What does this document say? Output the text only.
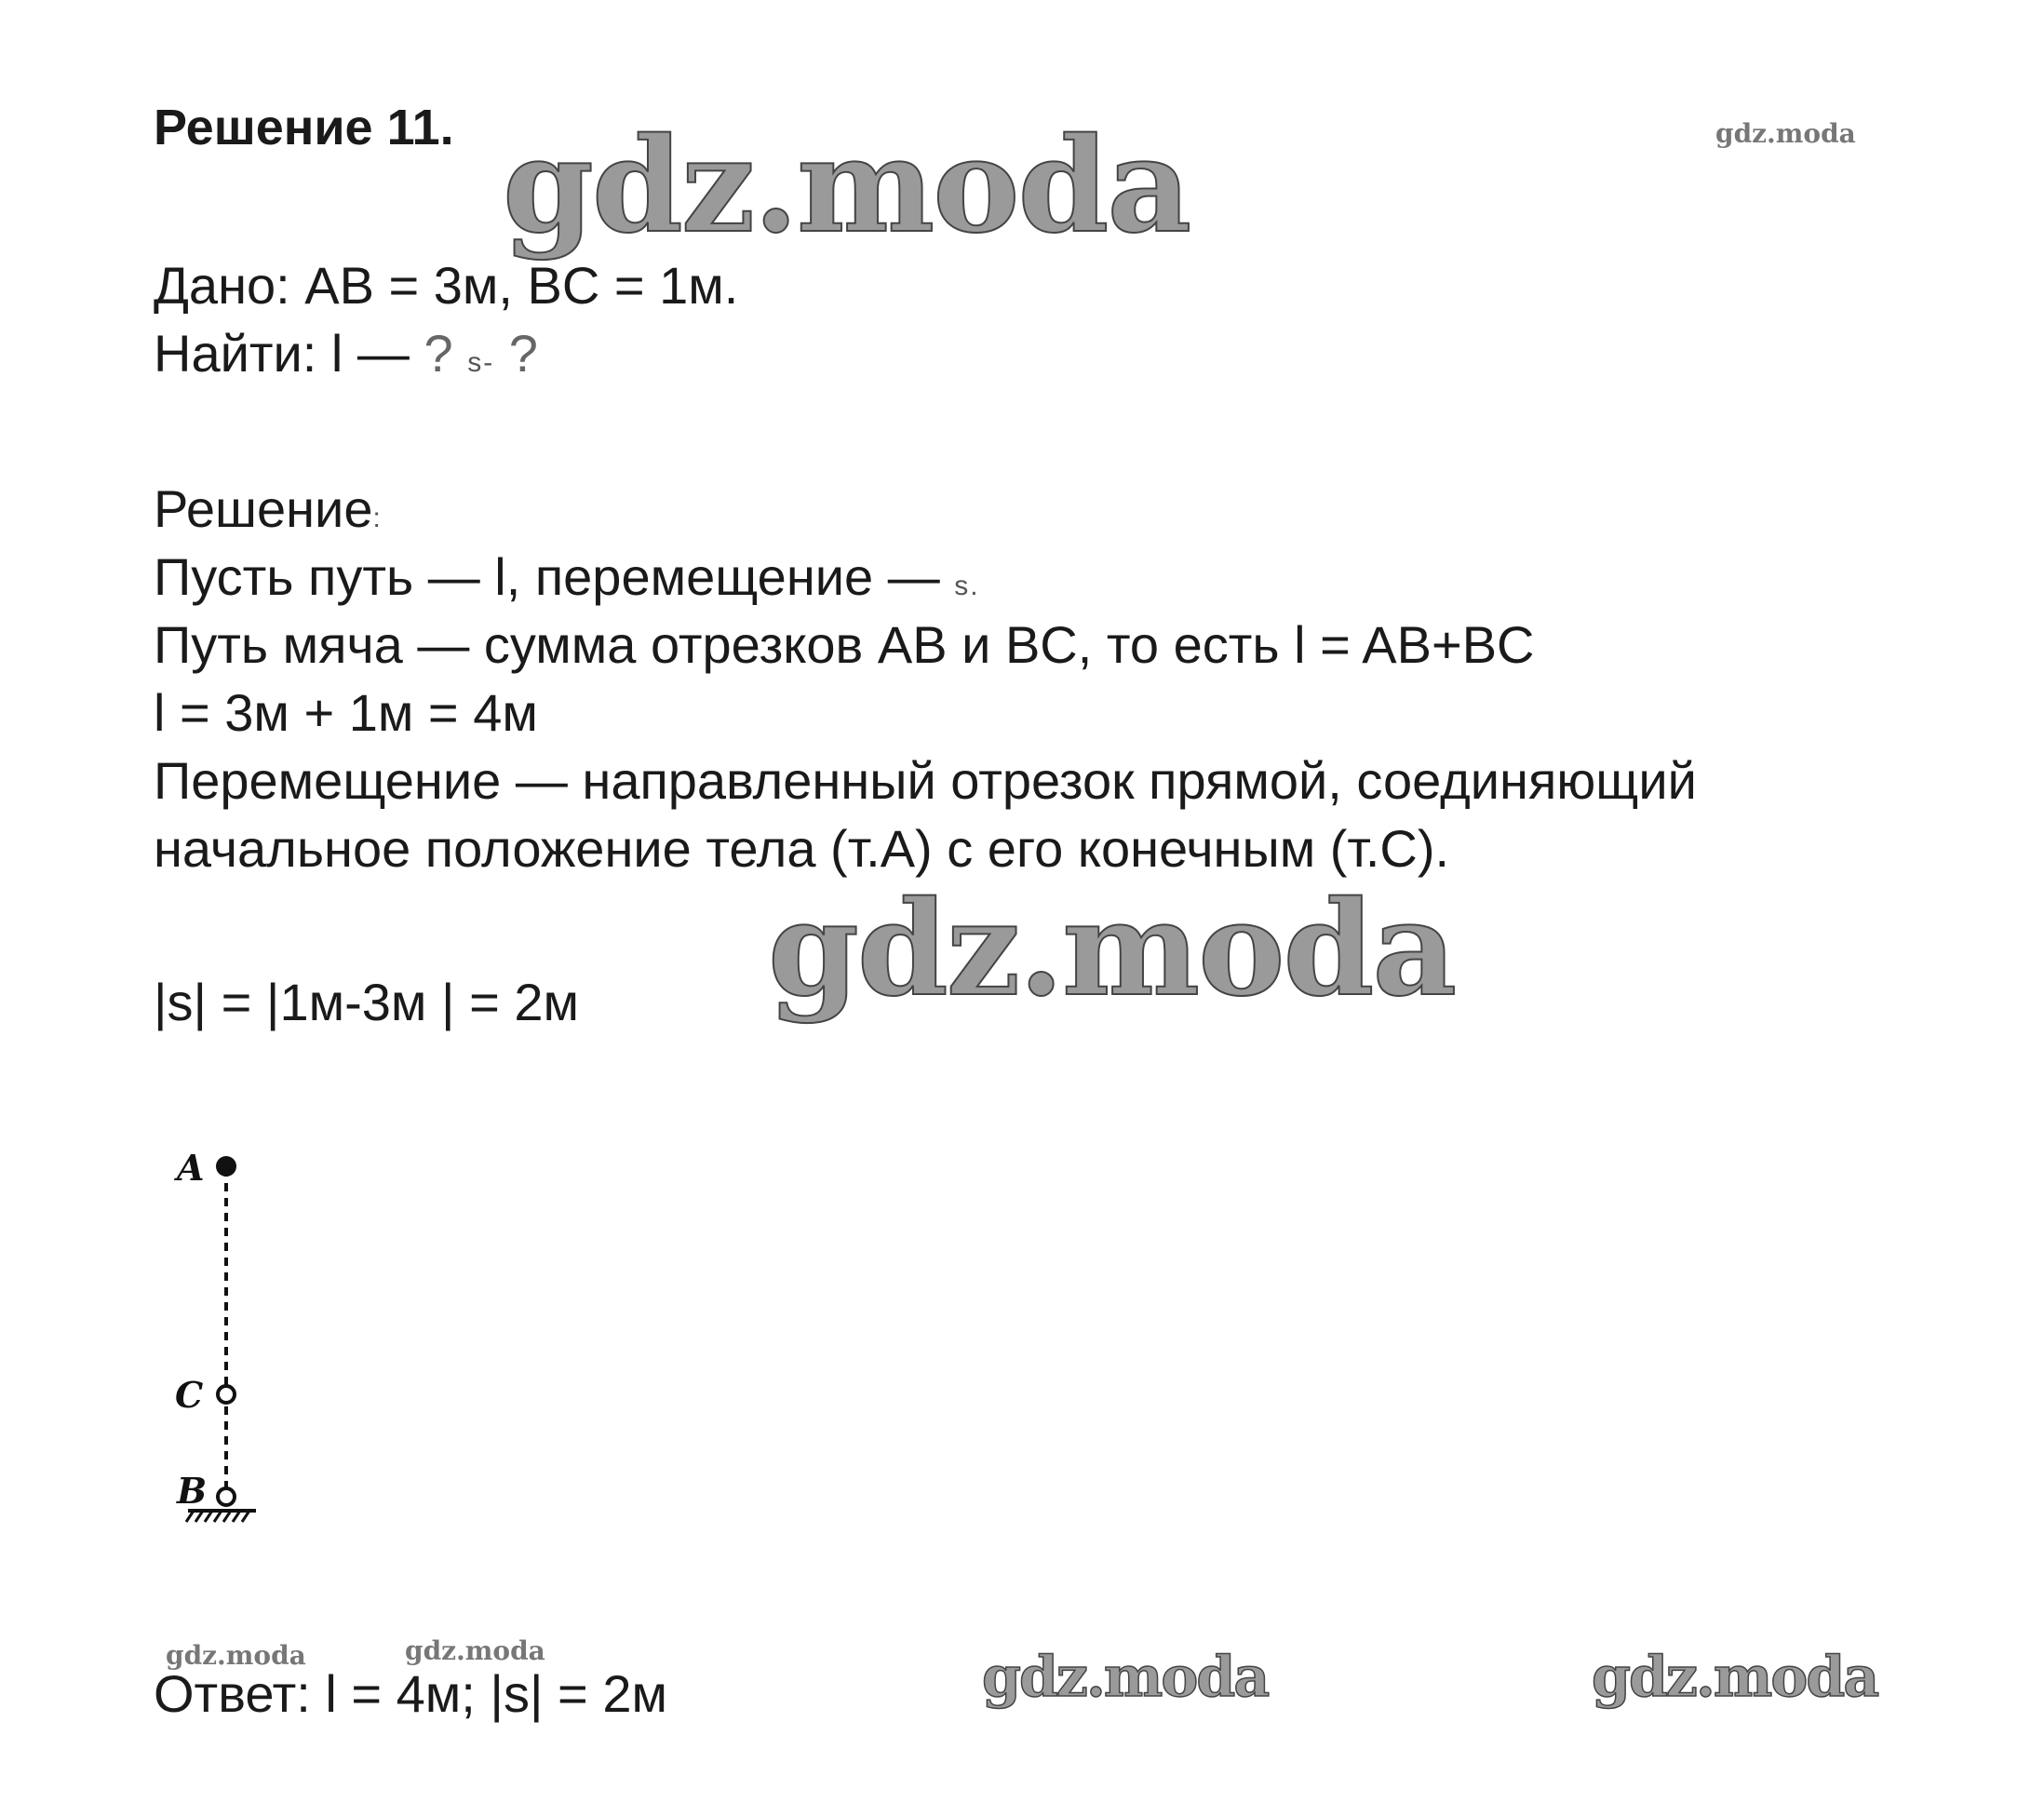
Решение 11.	gdz.moda
gdz.moda
Дано: AB = 3м, BC = 1м.
Найти: l — ? s- ?
Решение:
Пусть путь — l, перемещение — s.
Путь мяча — сумма отрезков AB и BC, то есть l = AB+BC
l = 3м + 1м = 4м
Перемещение — направленный отрезок прямой, соединяющий
начальное положение тела (т.А) с его конечным (т.С).
gdz.moda
|s| = |1м-3м | = 2м
A
C
B
gdz.moda	gdz.moda	gdz.moda	gdz.moda
Ответ: l = 4м; |s| = 2м
